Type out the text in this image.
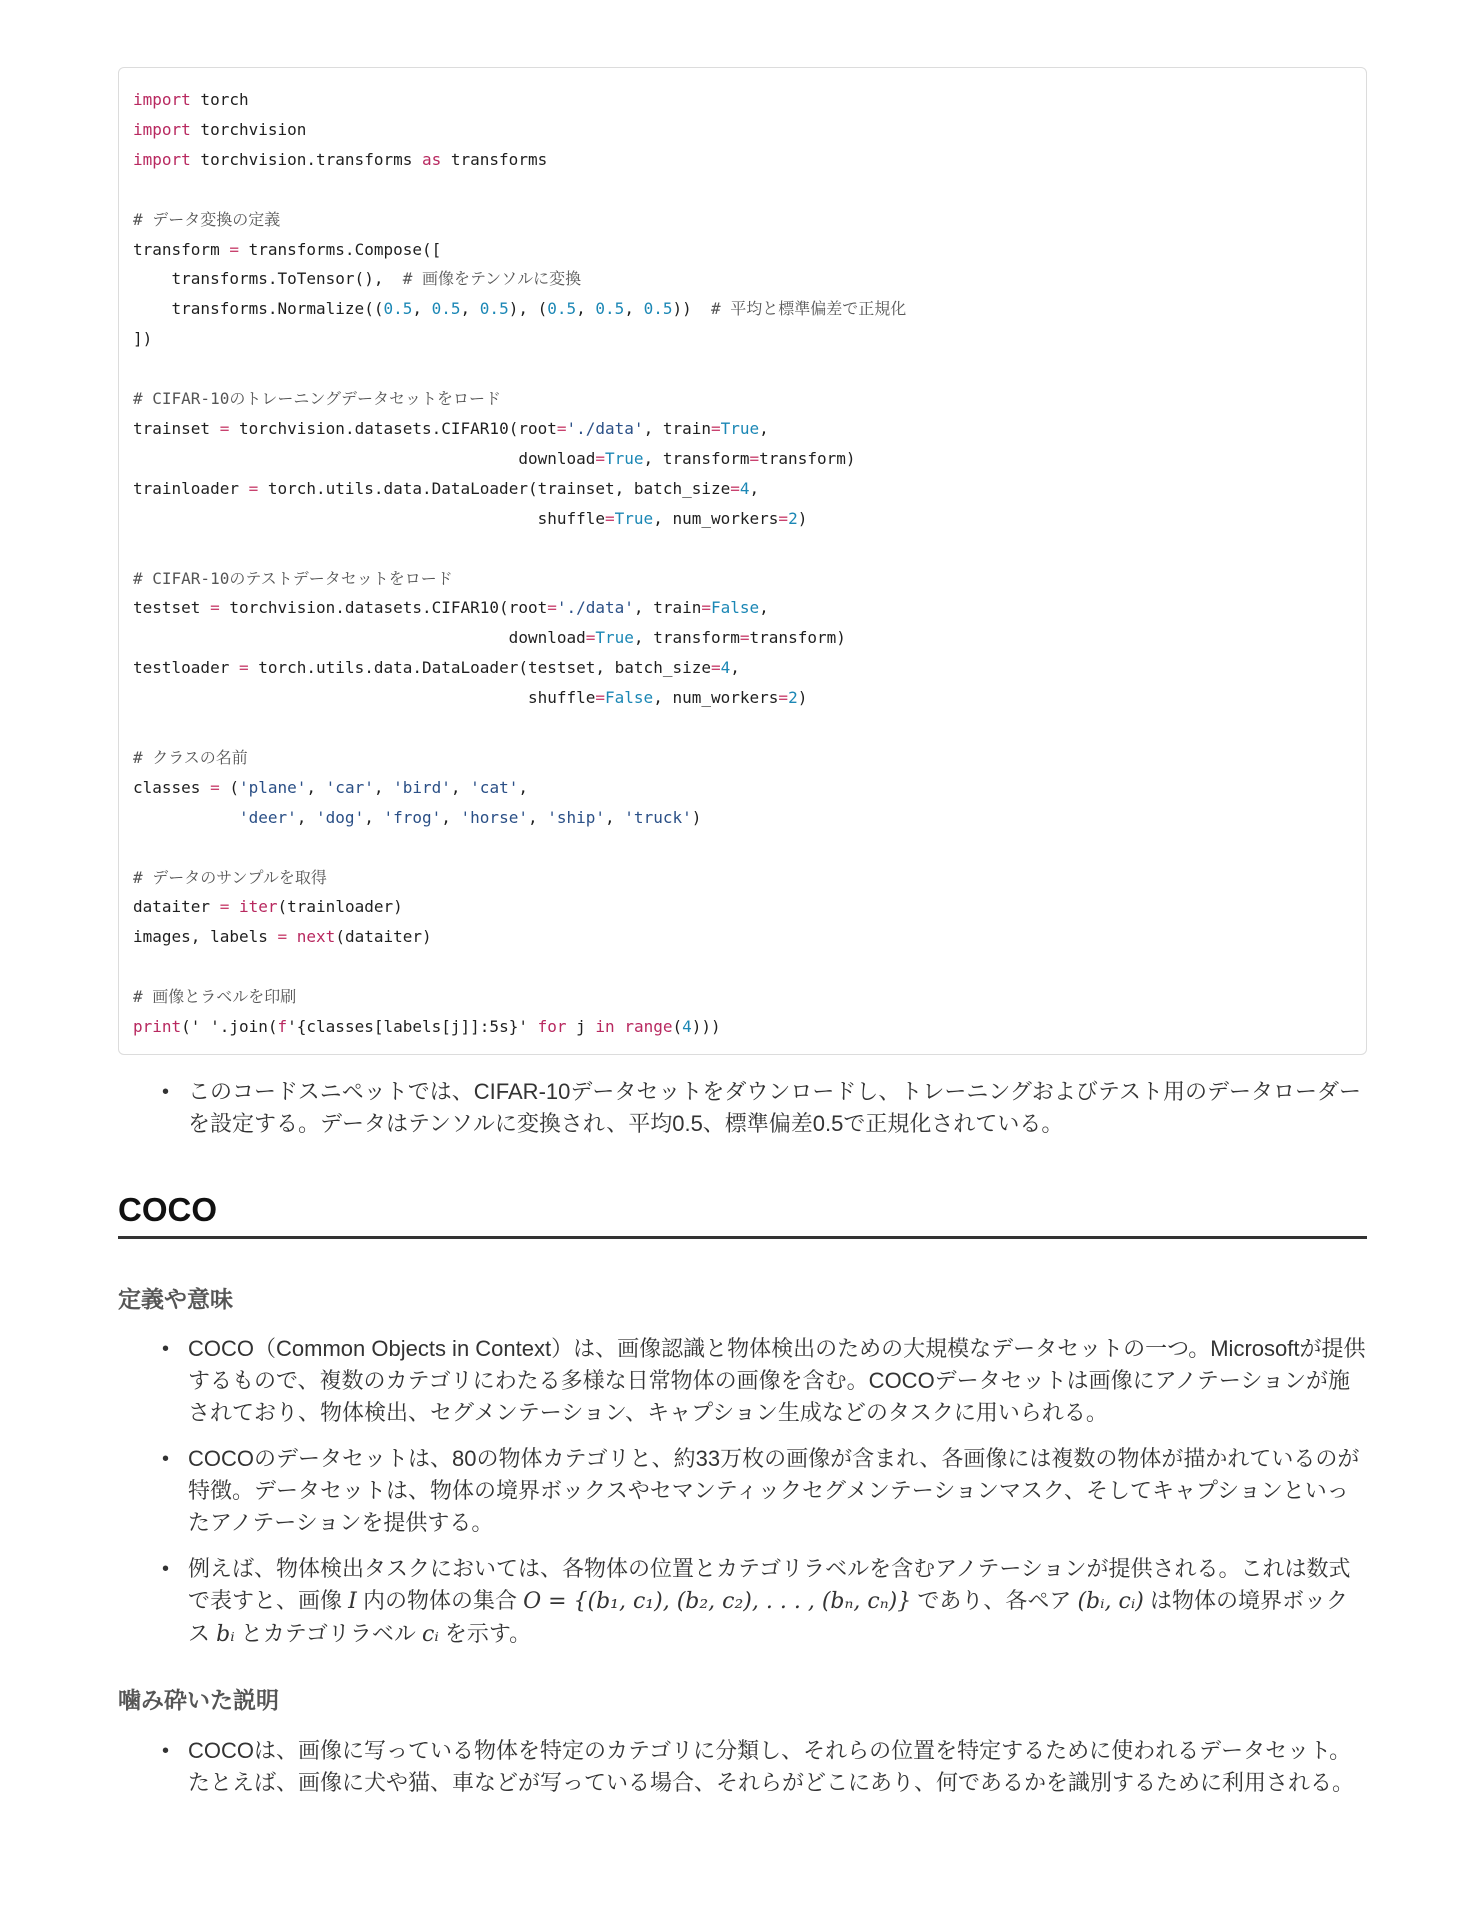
import torch
import torchvision
import torchvision.transforms as transforms

# データ変換の定義
transform = transforms.Compose([
transforms.ToTensor(),  # 画像をテンソルに変換
transforms.Normalize((0.5, 0.5, 0.5), (0.5, 0.5, 0.5))  # 平均と標準偏差で正規化
])

# CIFAR-10のトレーニングデータセットをロード
trainset = torchvision.datasets.CIFAR10(root='./data', train=True,
download=True, transform=transform)
trainloader = torch.utils.data.DataLoader(trainset, batch_size=4,
shuffle=True, num_workers=2)

# CIFAR-10のテストデータセットをロード
testset = torchvision.datasets.CIFAR10(root='./data', train=False,
download=True, transform=transform)
testloader = torch.utils.data.DataLoader(testset, batch_size=4,
shuffle=False, num_workers=2)

# クラスの名前
classes = ('plane', 'car', 'bird', 'cat',
'deer', 'dog', 'frog', 'horse', 'ship', 'truck')

# データのサンプルを取得
dataiter = iter(trainloader)
images, labels = next(dataiter)

# 画像とラベルを印刷
print(' '.join(f'{classes[labels[j]]:5s}' for j in range(4)))
• このコードスニペットでは、CIFAR-10データセットをダウンロードし、トレーニングおよびテスト用のデータローダーを設定する。データはテンソルに変換され、平均0.5、標準偏差0.5で正規化されている。
COCO
定義や意味
• COCO（Common Objects in Context）は、画像認識と物体検出のための大規模なデータセットの一つ。Microsoftが提供するもので、複数のカテゴリにわたる多様な日常物体の画像を含む。COCOデータセットは画像にアノテーションが施されており、物体検出、セグメンテーション、キャプション生成などのタスクに用いられる。
• COCOのデータセットは、80の物体カテゴリと、約33万枚の画像が含まれ、各画像には複数の物体が描かれているのが特徴。データセットは、物体の境界ボックスやセマンティックセグメンテーションマスク、そしてキャプションといったアノテーションを提供する。
• 例えば、物体検出タスクにおいては、各物体の位置とカテゴリラベルを含むアノテーションが提供される。これは数式で表すと、画像 I 内の物体の集合 O = {(b₁, c₁), (b₂, c₂), . . . , (bₙ, cₙ)} であり、各ペア (bᵢ, cᵢ) は物体の境界ボックス bᵢ とカテゴリラベル cᵢ を示す。
噛み砕いた説明
• COCOは、画像に写っている物体を特定のカテゴリに分類し、それらの位置を特定するために使われるデータセット。たとえば、画像に犬や猫、車などが写っている場合、それらがどこにあり、何であるかを識別するために利用される。
